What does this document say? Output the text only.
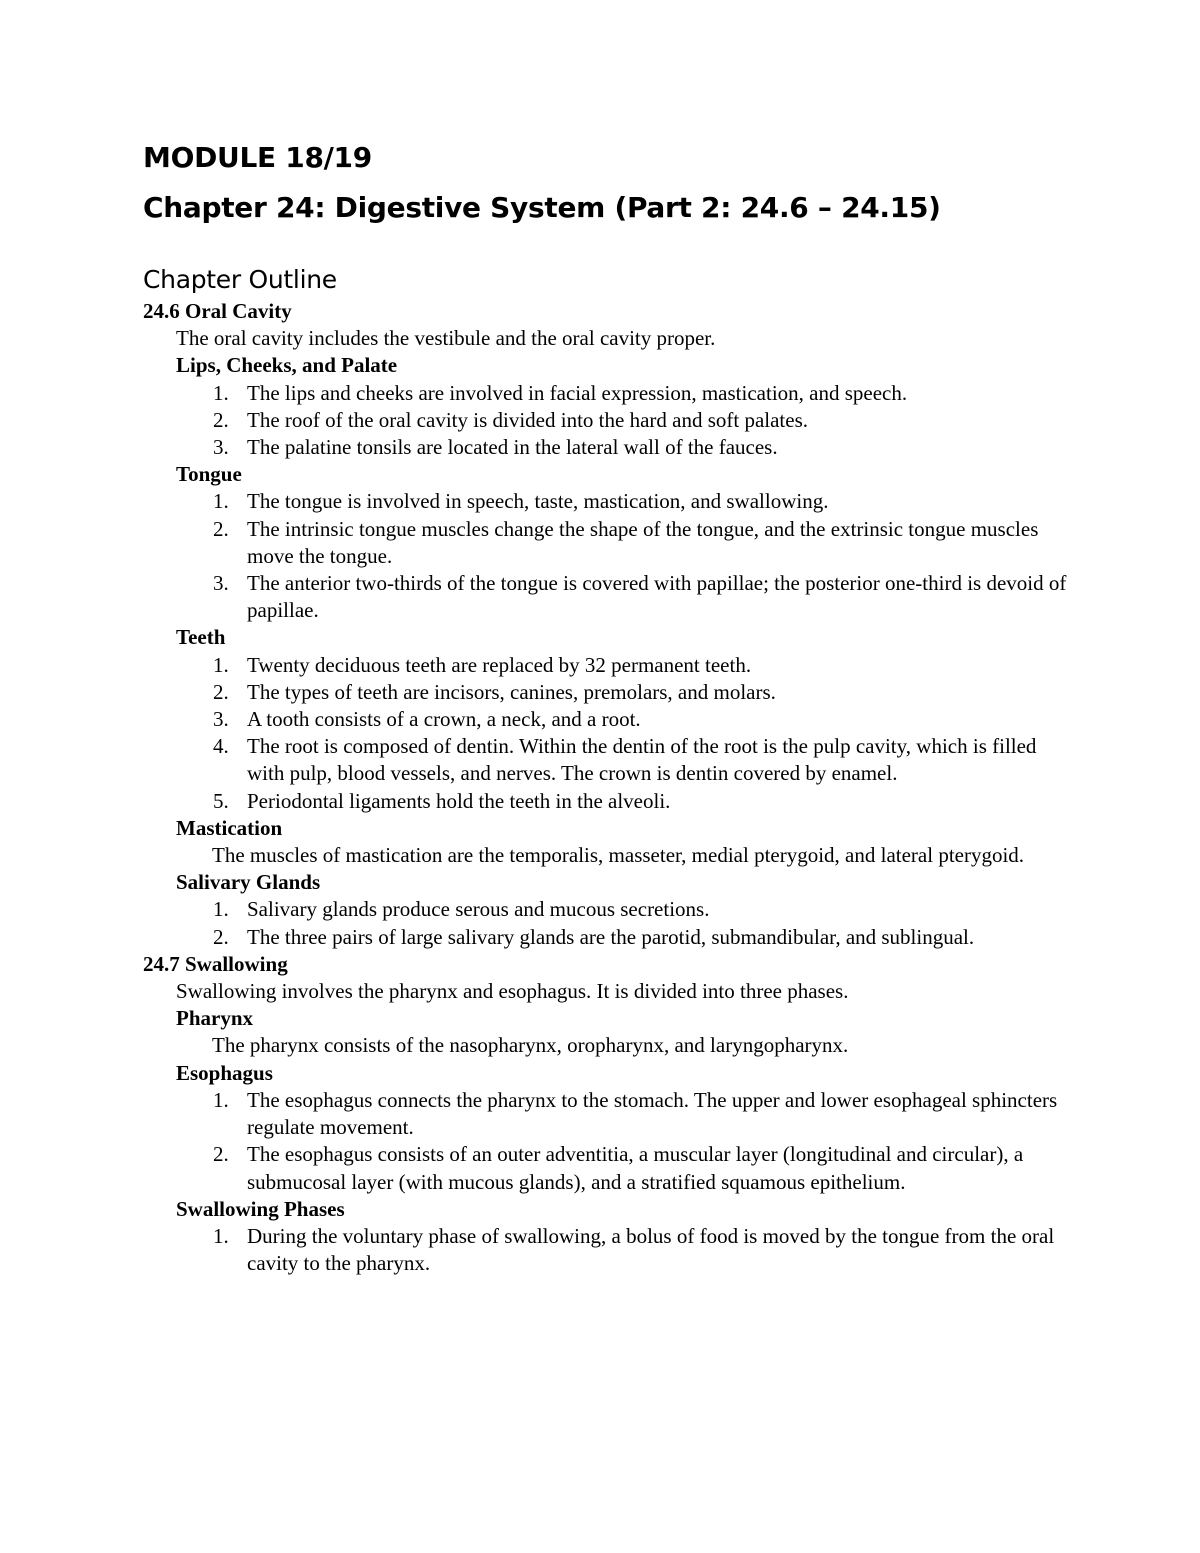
MODULE 18/19
Chapter 24: Digestive System (Part 2: 24.6 – 24.15)
Chapter Outline
24.6 Oral Cavity
The oral cavity includes the vestibule and the oral cavity proper.
Lips, Cheeks, and Palate
1. The lips and cheeks are involved in facial expression, mastication, and speech.
2. The roof of the oral cavity is divided into the hard and soft palates.
3. The palatine tonsils are located in the lateral wall of the fauces.
Tongue
1. The tongue is involved in speech, taste, mastication, and swallowing.
2. The intrinsic tongue muscles change the shape of the tongue, and the extrinsic tongue muscles move the tongue.
3. The anterior two-thirds of the tongue is covered with papillae; the posterior one-third is devoid of papillae.
Teeth
1. Twenty deciduous teeth are replaced by 32 permanent teeth.
2. The types of teeth are incisors, canines, premolars, and molars.
3. A tooth consists of a crown, a neck, and a root.
4. The root is composed of dentin. Within the dentin of the root is the pulp cavity, which is filled with pulp, blood vessels, and nerves. The crown is dentin covered by enamel.
5. Periodontal ligaments hold the teeth in the alveoli.
Mastication
The muscles of mastication are the temporalis, masseter, medial pterygoid, and lateral pterygoid.
Salivary Glands
1. Salivary glands produce serous and mucous secretions.
2. The three pairs of large salivary glands are the parotid, submandibular, and sublingual.
24.7 Swallowing
Swallowing involves the pharynx and esophagus. It is divided into three phases.
Pharynx
The pharynx consists of the nasopharynx, oropharynx, and laryngopharynx.
Esophagus
1. The esophagus connects the pharynx to the stomach. The upper and lower esophageal sphincters regulate movement.
2. The esophagus consists of an outer adventitia, a muscular layer (longitudinal and circular), a submucosal layer (with mucous glands), and a stratified squamous epithelium.
Swallowing Phases
1. During the voluntary phase of swallowing, a bolus of food is moved by the tongue from the oral cavity to the pharynx.
